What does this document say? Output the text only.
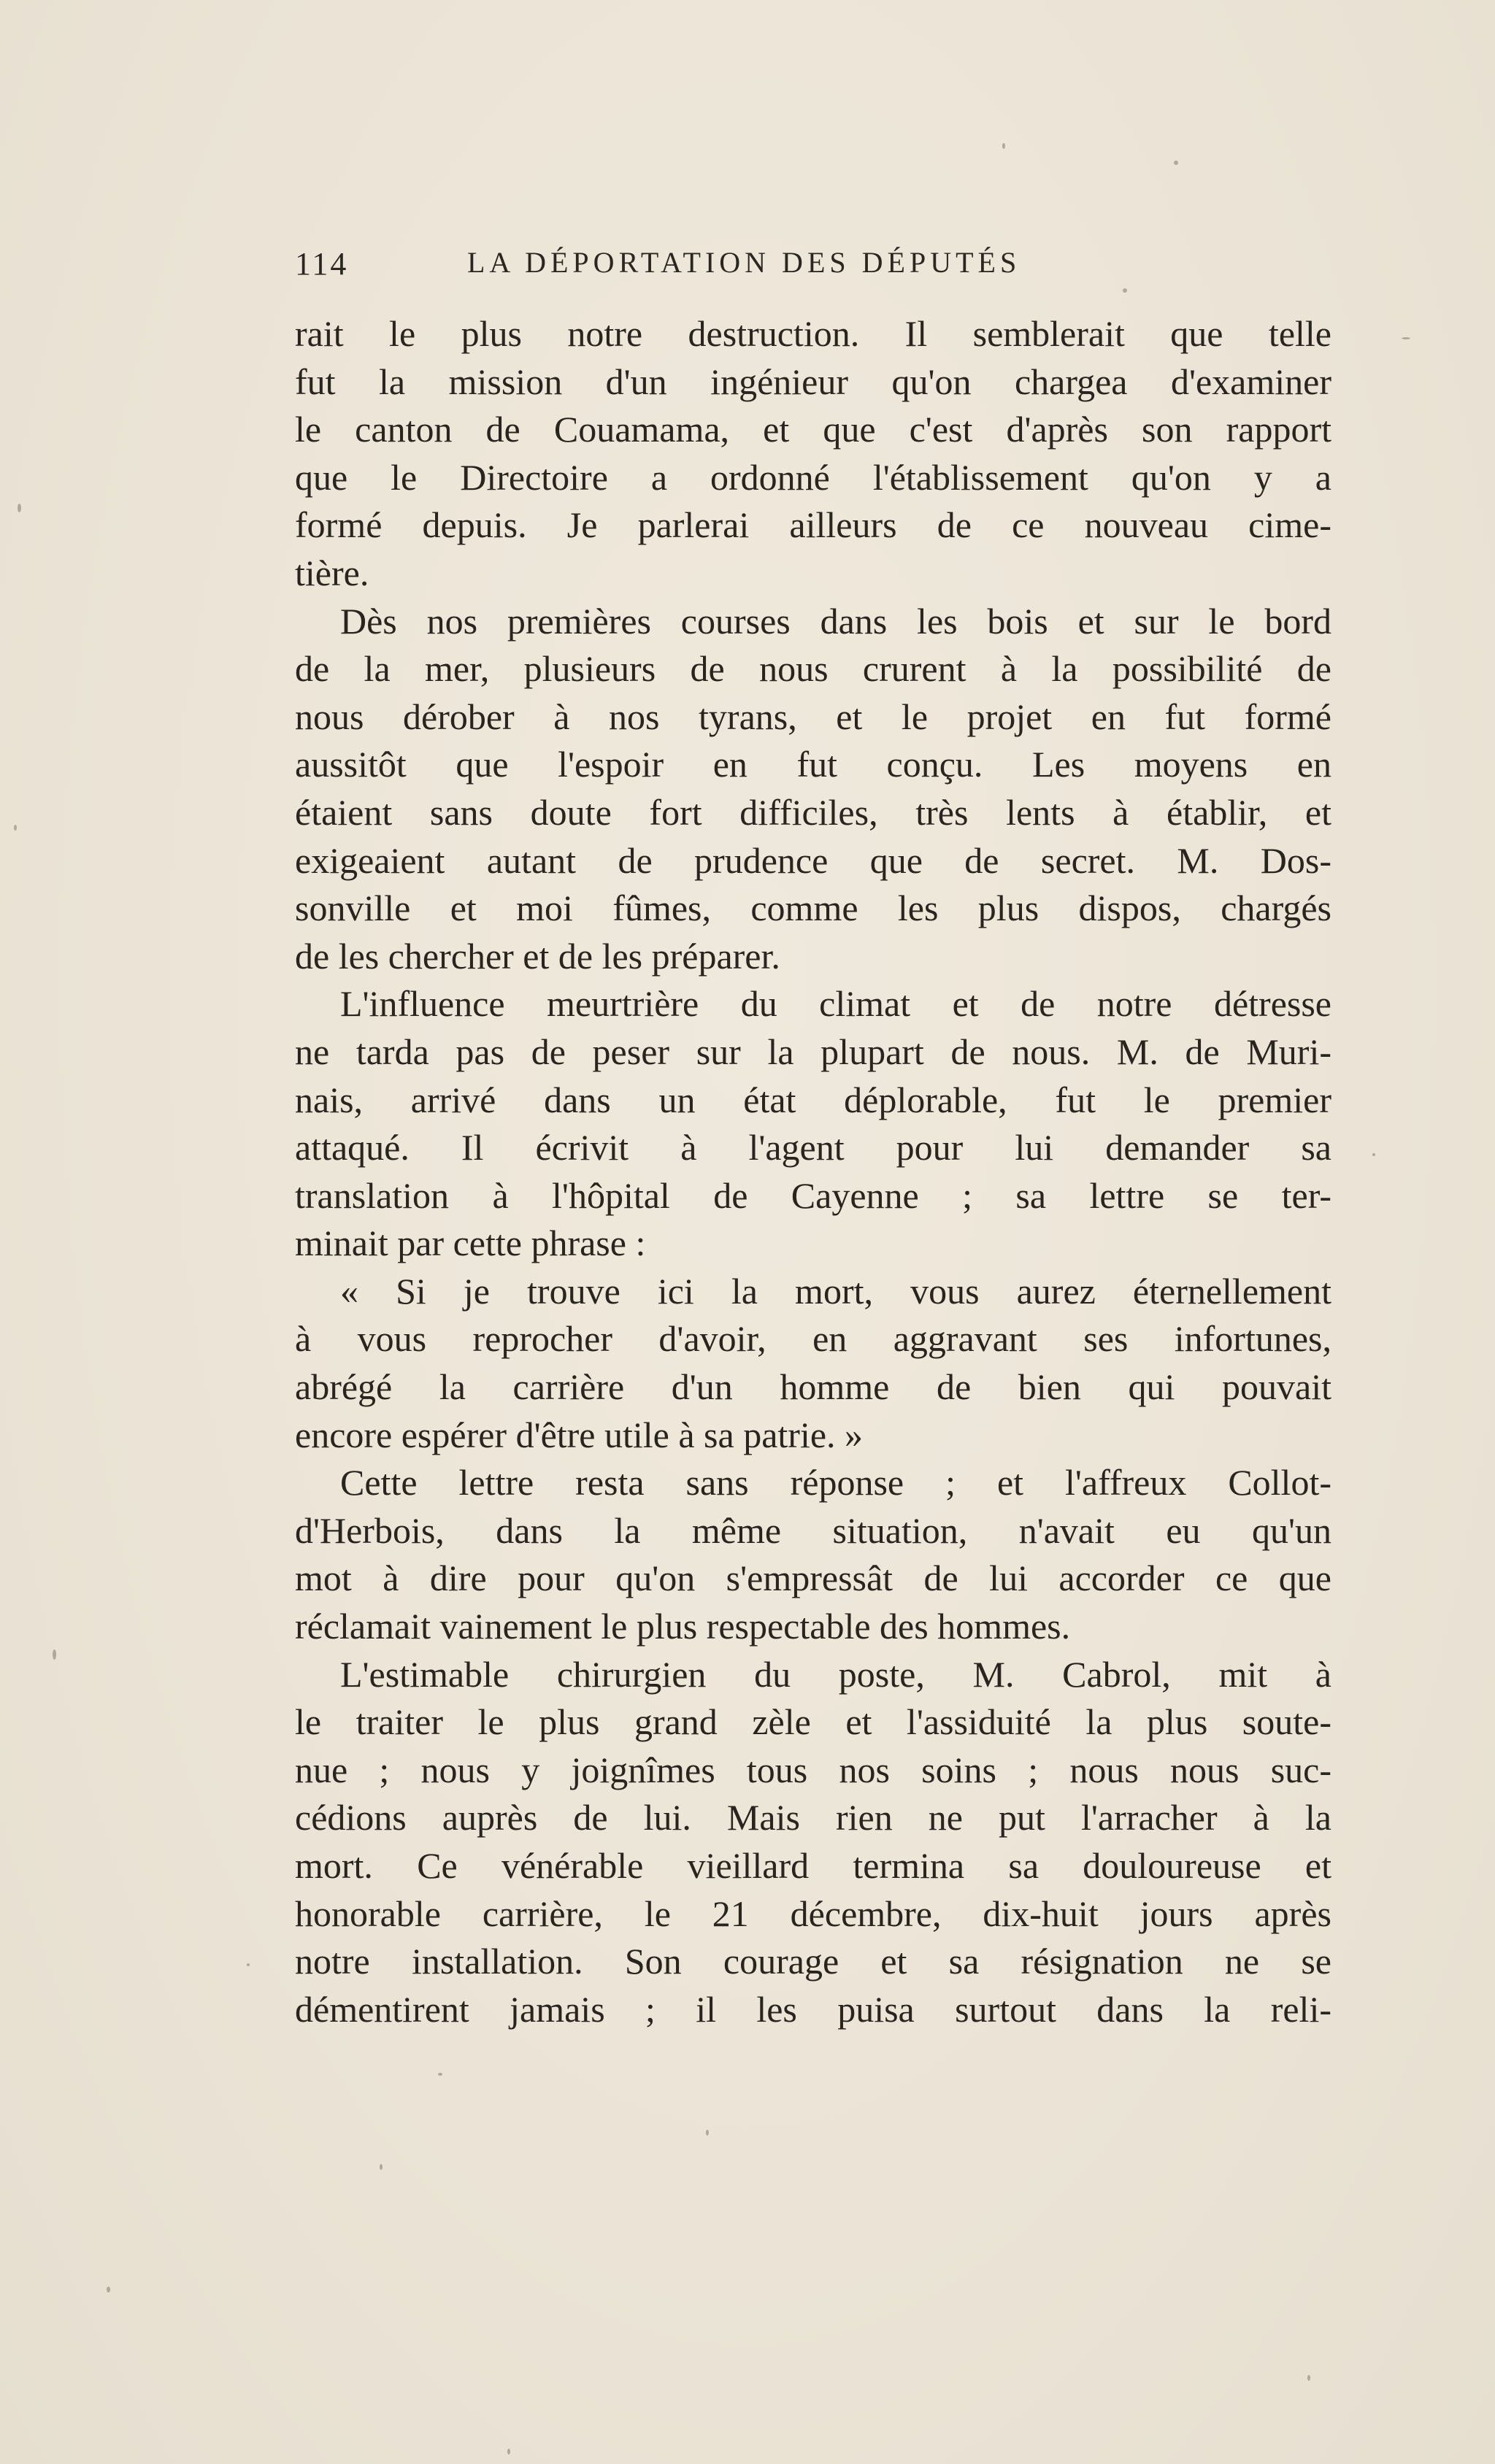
114	LA DÉPORTATION DES DÉPUTÉS
rait le plus notre destruction. Il semblerait que telle
fut la mission d'un ingénieur qu'on chargea d'examiner
le canton de Couamama, et que c'est d'après son rapport
que le Directoire a ordonné l'établissement qu'on y a
formé depuis. Je parlerai ailleurs de ce nouveau cime-
tière.
Dès nos premières courses dans les bois et sur le bord
de la mer, plusieurs de nous crurent à la possibilité de
nous dérober à nos tyrans, et le projet en fut formé
aussitôt que l'espoir en fut conçu. Les moyens en
étaient sans doute fort difficiles, très lents à établir, et
exigeaient autant de prudence que de secret. M. Dos-
sonville et moi fûmes, comme les plus dispos, chargés
de les chercher et de les préparer.
L'influence meurtrière du climat et de notre détresse
ne tarda pas de peser sur la plupart de nous. M. de Muri-
nais, arrivé dans un état déplorable, fut le premier
attaqué. Il écrivit à l'agent pour lui demander sa
translation à l'hôpital de Cayenne ; sa lettre se ter-
minait par cette phrase :
« Si je trouve ici la mort, vous aurez éternellement
à vous reprocher d'avoir, en aggravant ses infortunes,
abrégé la carrière d'un homme de bien qui pouvait
encore espérer d'être utile à sa patrie. »
Cette lettre resta sans réponse ; et l'affreux Collot-
d'Herbois, dans la même situation, n'avait eu qu'un
mot à dire pour qu'on s'empressât de lui accorder ce que
réclamait vainement le plus respectable des hommes.
L'estimable chirurgien du poste, M. Cabrol, mit à
le traiter le plus grand zèle et l'assiduité la plus soute-
nue ; nous y joignîmes tous nos soins ; nous nous suc-
cédions auprès de lui. Mais rien ne put l'arracher à la
mort. Ce vénérable vieillard termina sa douloureuse et
honorable carrière, le 21 décembre, dix-huit jours après
notre installation. Son courage et sa résignation ne se
démentirent jamais ; il les puisa surtout dans la reli-
